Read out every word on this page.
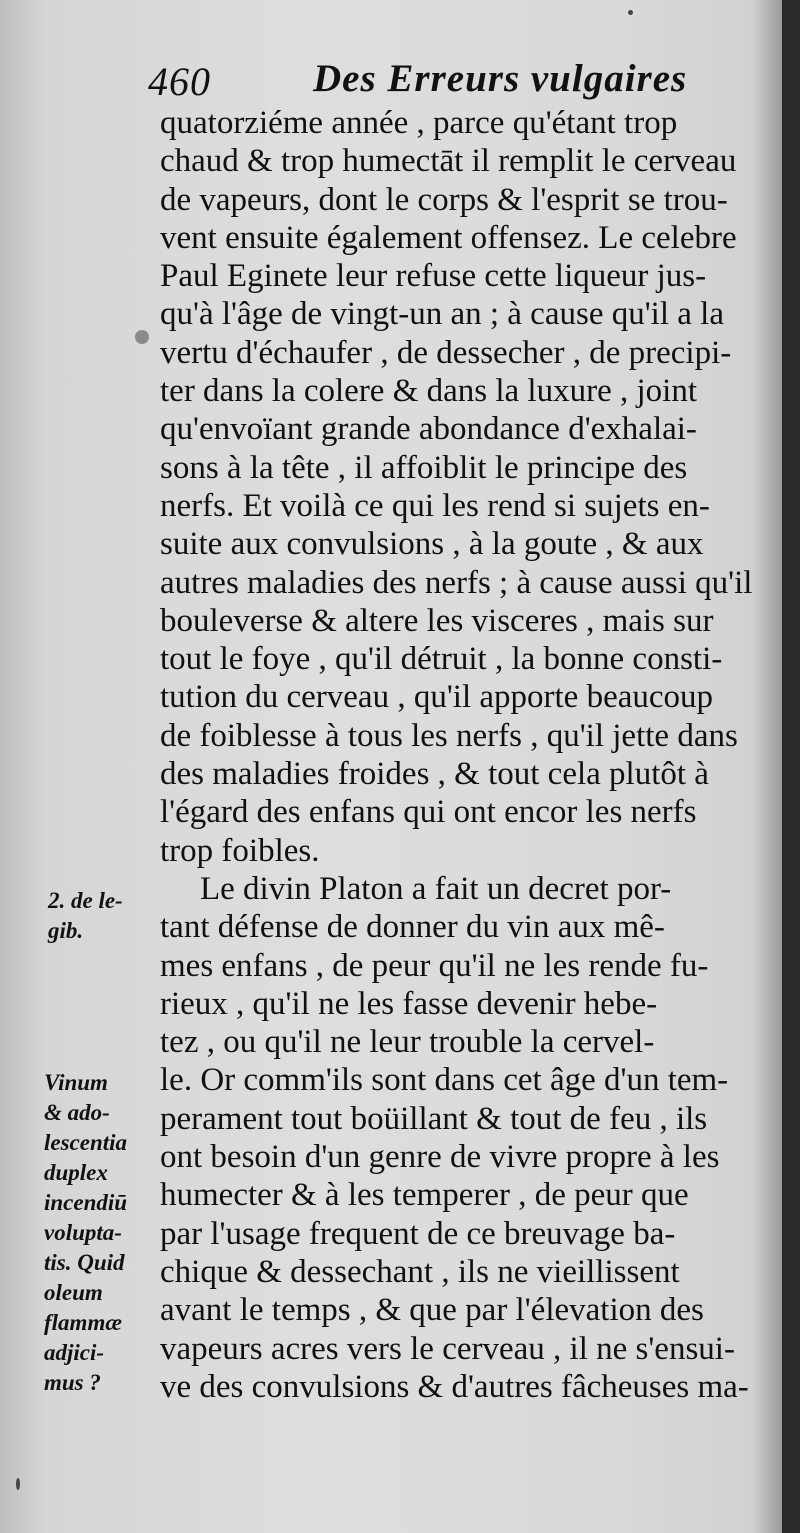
460	Des Erreurs vulgaires
quatorziéme année , parce qu'étant trop
chaud & trop humectāt il remplit le cerveau
de vapeurs, dont le corps & l'esprit se trou-
vent ensuite également offensez. Le celebre
Paul Eginete leur refuse cette liqueur jus-
qu'à l'âge de vingt-un an ; à cause qu'il a la
vertu d'échaufer , de dessecher , de precipi-
ter dans la colere & dans la luxure , joint
qu'envoïant grande abondance d'exhalai-
sons à la tête , il affoiblit le principe des
nerfs. Et voilà ce qui les rend si sujets en-
suite aux convulsions , à la goute , & aux
autres maladies des nerfs ; à cause aussi qu'il
bouleverse & altere les visceres , mais sur
tout le foye , qu'il détruit , la bonne consti-
tution du cerveau , qu'il apporte beaucoup
de foiblesse à tous les nerfs , qu'il jette dans
des maladies froides , & tout cela plutôt à
l'égard des enfans qui ont encor les nerfs
trop foibles.
Le divin Platon a fait un decret por-
tant défense de donner du vin aux mê-
mes enfans , de peur qu'il ne les rende fu-
rieux , qu'il ne les fasse devenir hebe-
tez , ou qu'il ne leur trouble la cervel-
le. Or comm'ils sont dans cet âge d'un tem-
perament tout boüillant & tout de feu , ils
ont besoin d'un genre de vivre propre à les
humecter & à les temperer , de peur que
par l'usage frequent de ce breuvage ba-
chique & dessechant , ils ne vieillissent
avant le temps , & que par l'élevation des
vapeurs acres vers le cerveau , il ne s'ensui-
ve des convulsions & d'autres fâcheuses ma-
2. de le-
gib.
Vinum
& ado-
lescentia
duplex
incendiū
volupta-
tis. Quid
oleum
flammæ
adjici-
mus ?
